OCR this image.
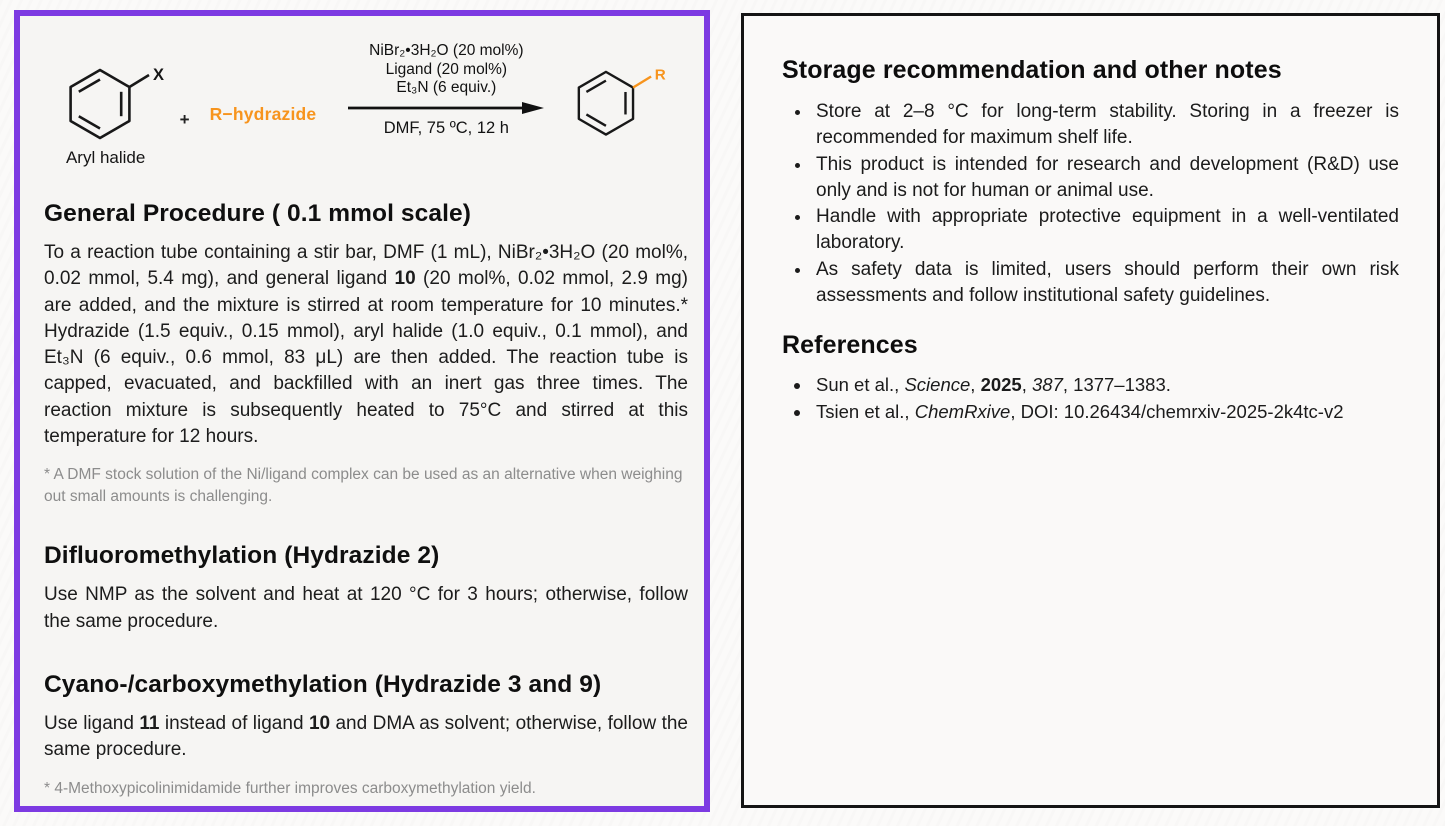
X
Aryl halide
+ R−hydrazide
NiBr₂•3H₂O (20 mol%)
Ligand (20 mol%)
Et₃N (6 equiv.)
DMF, 75 ºC, 12 h
R
General Procedure ( 0.1 mmol scale)

To a reaction tube containing a stir bar, DMF (1 mL), NiBr₂•3H₂O (20 mol%, 0.02 mmol, 5.4 mg), and general ligand 10 (20 mol%, 0.02 mmol, 2.9 mg) are added, and the mixture is stirred at room temperature for 10 minutes.* Hydrazide (1.5 equiv., 0.15 mmol), aryl halide (1.0 equiv., 0.1 mmol), and Et₃N (6 equiv., 0.6 mmol, 83 μL) are then added. The reaction tube is capped, evacuated, and backfilled with an inert gas three times. The reaction mixture is subsequently heated to 75°C and stirred at this temperature for 12 hours.

* A DMF stock solution of the Ni/ligand complex can be used as an alternative when weighing out small amounts is challenging.

Difluoromethylation (Hydrazide 2)

Use NMP as the solvent and heat at 120 °C for 3 hours; otherwise, follow the same procedure.

Cyano-/carboxymethylation (Hydrazide 3 and 9)

Use ligand 11 instead of ligand 10 and DMA as solvent; otherwise, follow the same procedure.

* 4-Methoxypicolinimidamide further improves carboxymethylation yield.

Storage recommendation and other notes
• Store at 2–8 °C for long-term stability. Storing in a freezer is recommended for maximum shelf life.
• This product is intended for research and development (R&D) use only and is not for human or animal use.
• Handle with appropriate protective equipment in a well-ventilated laboratory.
• As safety data is limited, users should perform their own risk assessments and follow institutional safety guidelines.
References
• Sun et al., Science, 2025, 387, 1377–1383.
• Tsien et al., ChemRxive, DOI: 10.26434/chemrxiv-2025-2k4tc-v2
